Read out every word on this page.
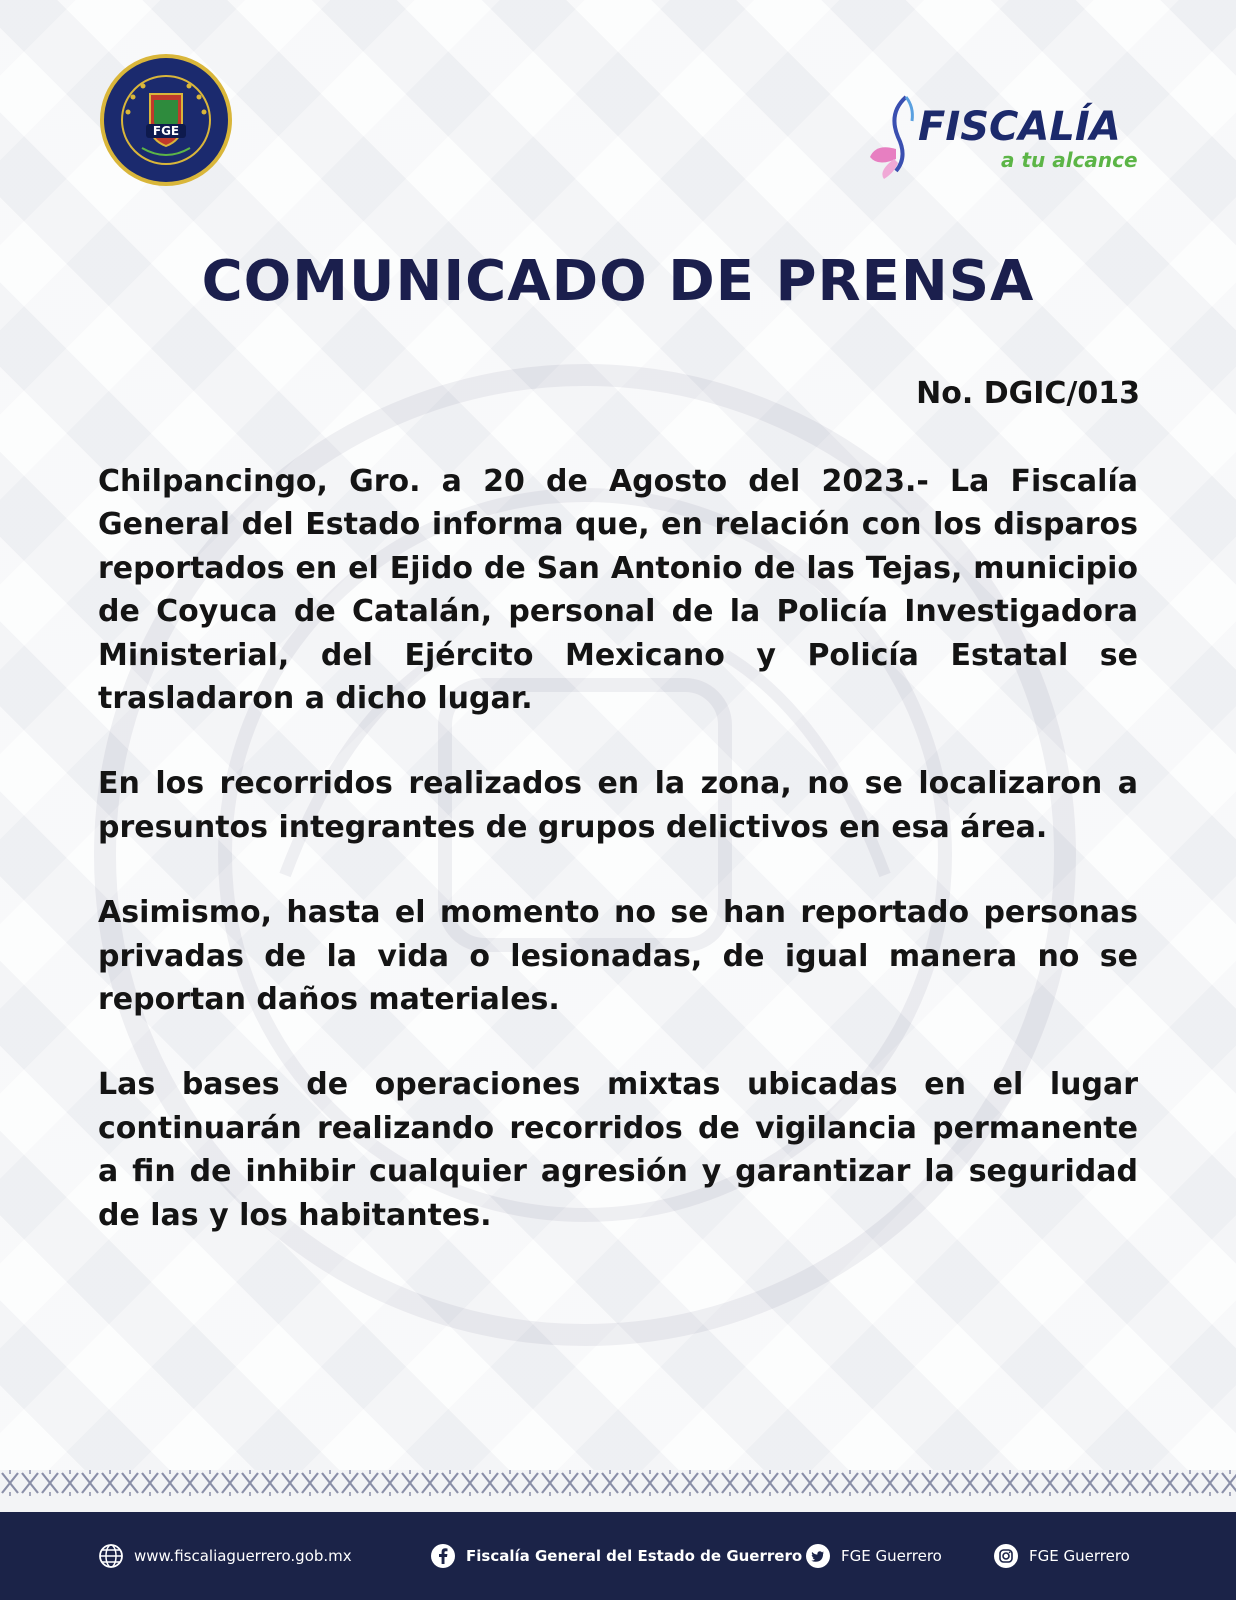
FGE	FISCALÍA
a tu alcance
COMUNICADO DE PRENSA
No. DGIC/013

Chilpancingo, Gro. a 20 de Agosto del 2023.- La Fiscalía General del Estado informa que, en relación con los disparos reportados en el Ejido de San Antonio de las Tejas, municipio de Coyuca de Catalán, personal de la Policía Investigadora Ministerial, del Ejército Mexicano y Policía Estatal se trasladaron a dicho lugar.

En los recorridos realizados en la zona, no se localizaron a presuntos integrantes de grupos delictivos en esa área.

Asimismo, hasta el momento no se han reportado personas privadas de la vida o lesionadas, de igual manera no se reportan daños materiales.

Las bases de operaciones mixtas ubicadas en el lugar continuarán realizando recorridos de vigilancia permanente a fin de inhibir cualquier agresión y garantizar la seguridad de las y los habitantes.

www.fiscaliaguerrero.gob.mx	Fiscalía General del Estado de Guerrero	FGE Guerrero	FGE Guerrero
